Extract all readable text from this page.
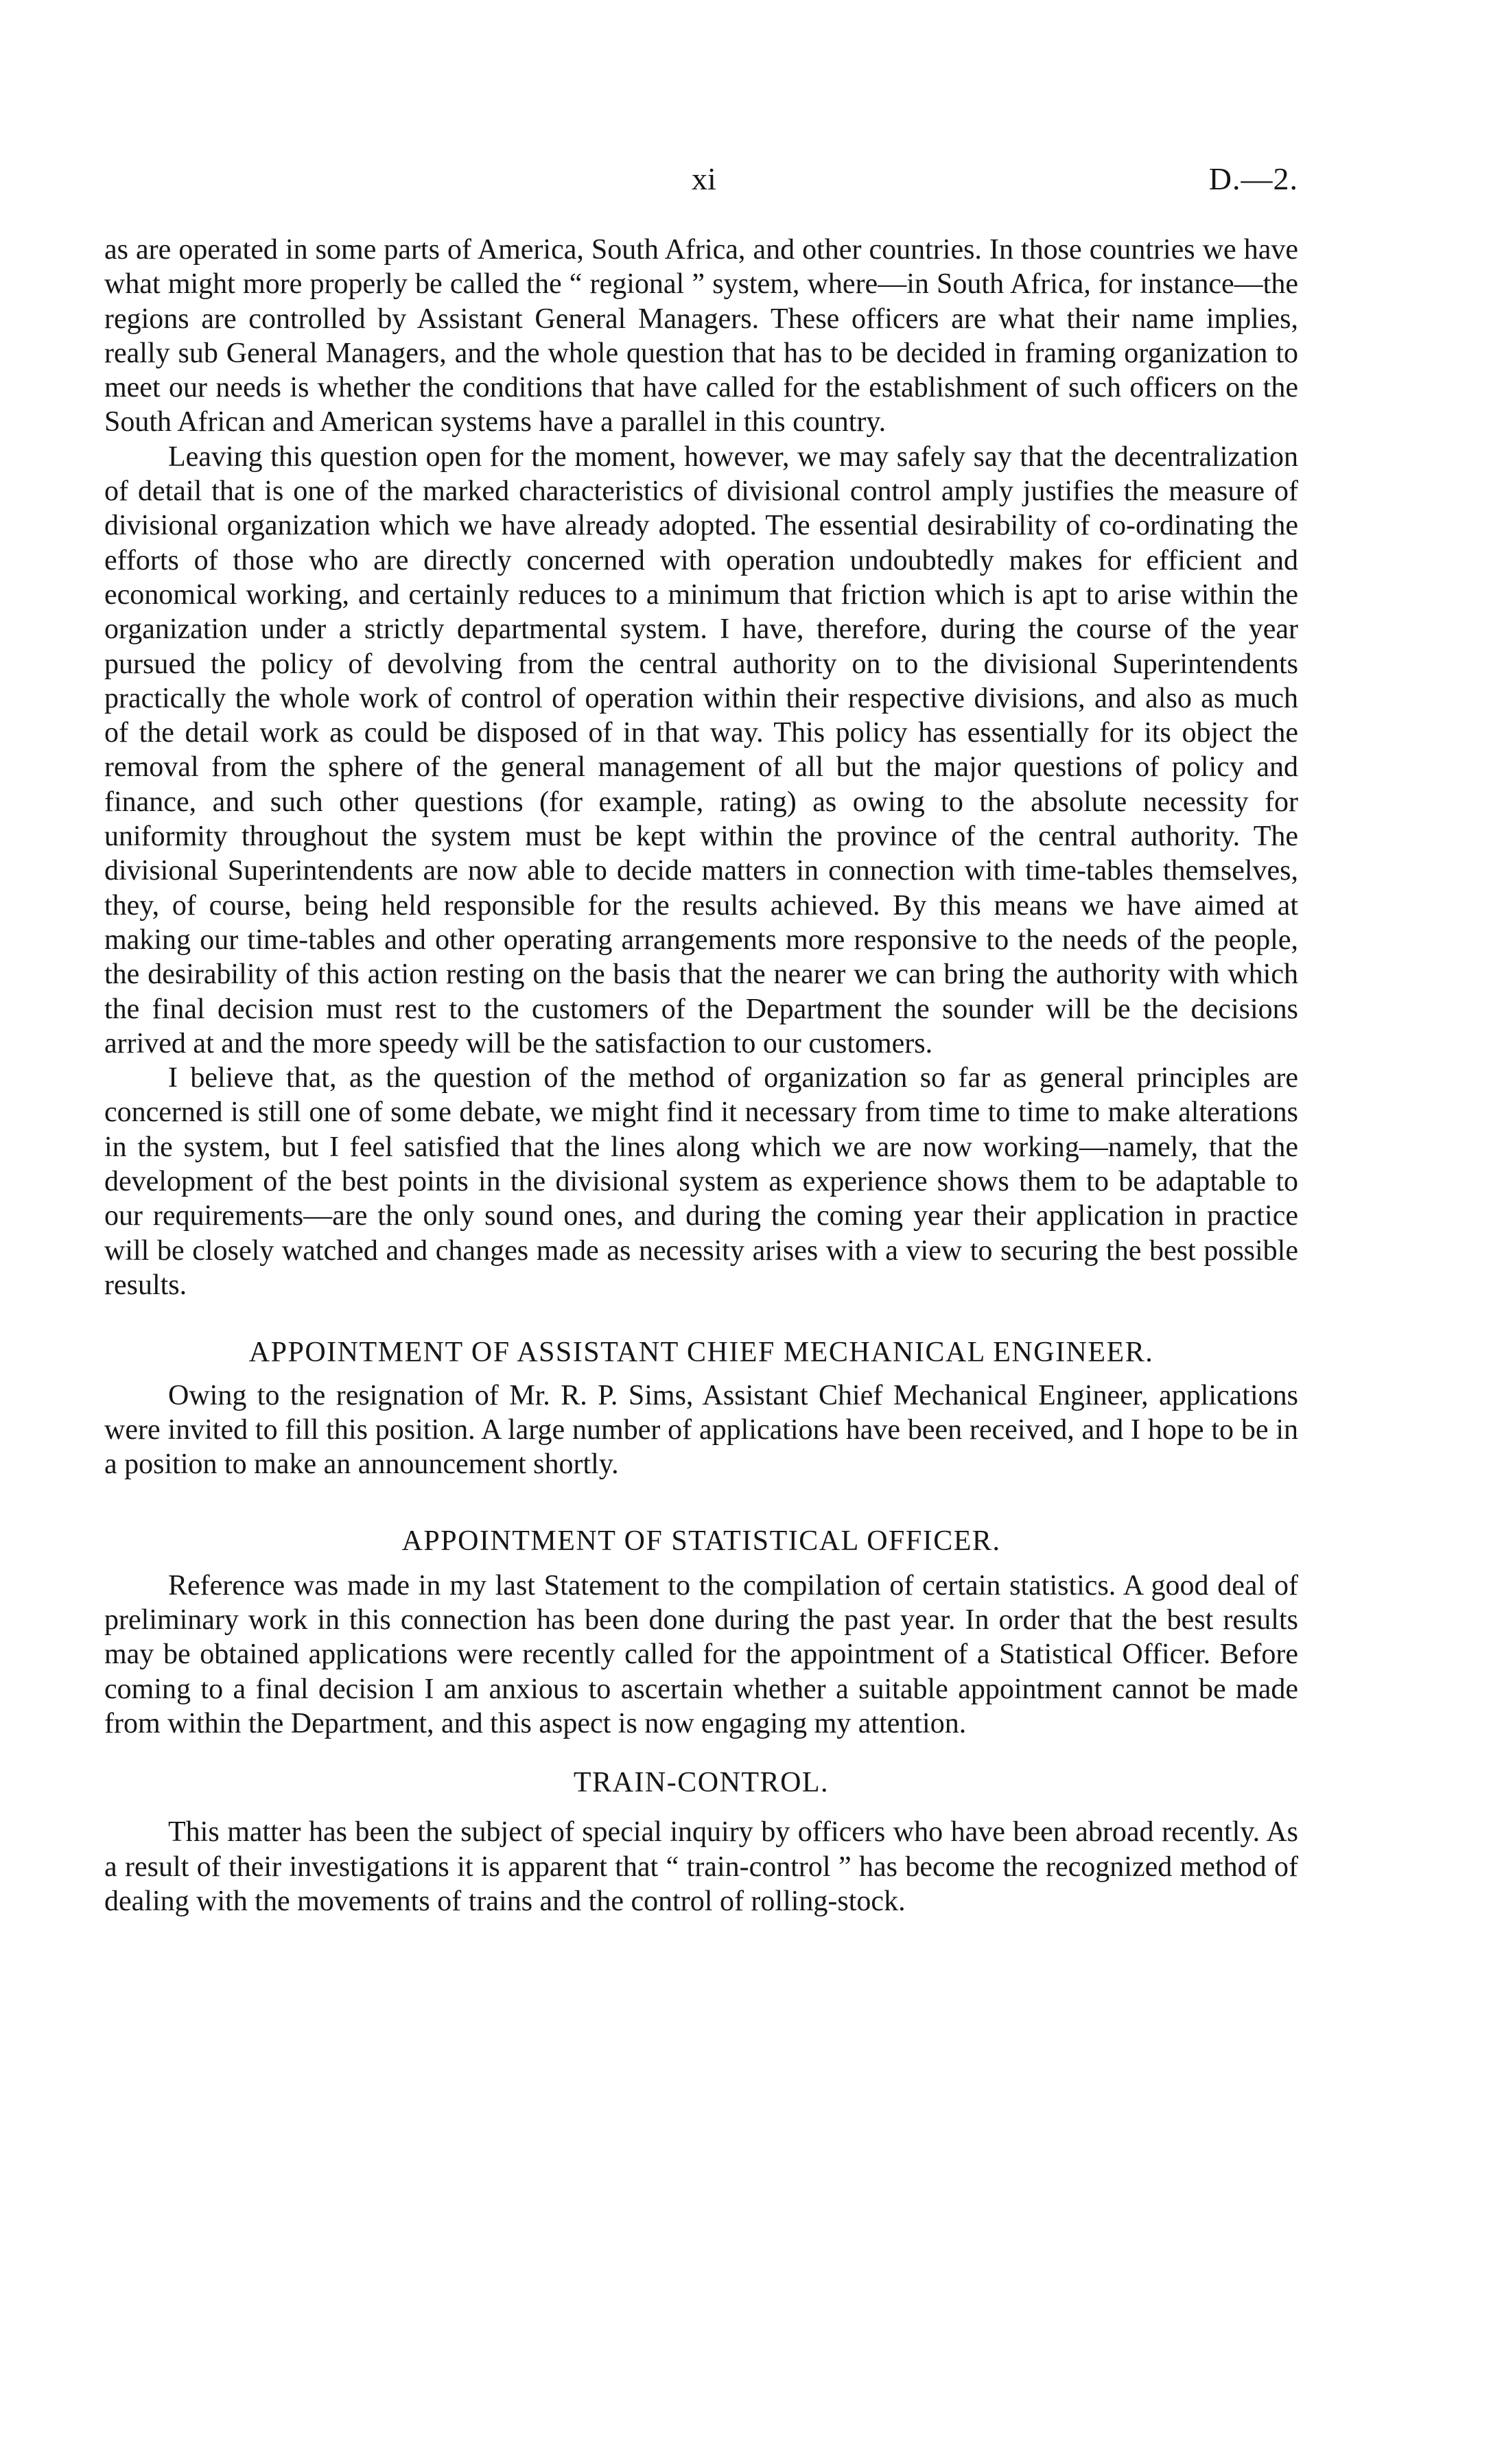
xi	D.—2.

as are operated in some parts of America, South Africa, and other countries. In those countries we have what might more properly be called the “ regional ” system, where—in South Africa, for instance—the regions are controlled by Assistant General Managers. These officers are what their name implies, really sub General Managers, and the whole question that has to be decided in framing organization to meet our needs is whether the conditions that have called for the establishment of such officers on the South African and American systems have a parallel in this country.

Leaving this question open for the moment, however, we may safely say that the decentralization of detail that is one of the marked characteristics of divisional control amply justifies the measure of divisional organization which we have already adopted. The essential desirability of co-ordinating the efforts of those who are directly concerned with operation undoubtedly makes for efficient and economical working, and certainly reduces to a minimum that friction which is apt to arise within the organization under a strictly departmental system. I have, therefore, during the course of the year pursued the policy of devolving from the central authority on to the divisional Superintendents practically the whole work of control of operation within their respective divisions, and also as much of the detail work as could be disposed of in that way. This policy has essentially for its object the removal from the sphere of the general management of all but the major questions of policy and finance, and such other questions (for example, rating) as owing to the absolute necessity for uniformity throughout the system must be kept within the province of the central authority. The divisional Superintendents are now able to decide matters in connection with time-tables themselves, they, of course, being held responsible for the results achieved. By this means we have aimed at making our time-tables and other operating arrangements more responsive to the needs of the people, the desirability of this action resting on the basis that the nearer we can bring the authority with which the final decision must rest to the customers of the Department the sounder will be the decisions arrived at and the more speedy will be the satisfaction to our customers.

I believe that, as the question of the method of organization so far as general principles are concerned is still one of some debate, we might find it necessary from time to time to make alterations in the system, but I feel satisfied that the lines along which we are now working—namely, that the development of the best points in the divisional system as experience shows them to be adaptable to our requirements—are the only sound ones, and during the coming year their application in practice will be closely watched and changes made as necessity arises with a view to securing the best possible results.

APPOINTMENT OF ASSISTANT CHIEF MECHANICAL ENGINEER.

Owing to the resignation of Mr. R. P. Sims, Assistant Chief Mechanical Engineer, applications were invited to fill this position. A large number of applications have been received, and I hope to be in a position to make an announcement shortly.

APPOINTMENT OF STATISTICAL OFFICER.

Reference was made in my last Statement to the compilation of certain statistics. A good deal of preliminary work in this connection has been done during the past year. In order that the best results may be obtained applications were recently called for the appointment of a Statistical Officer. Before coming to a final decision I am anxious to ascertain whether a suitable appointment cannot be made from within the Department, and this aspect is now engaging my attention.

TRAIN-CONTROL.

This matter has been the subject of special inquiry by officers who have been abroad recently. As a result of their investigations it is apparent that “ train-control ” has become the recognized method of dealing with the movements of trains and the control of rolling-stock.
